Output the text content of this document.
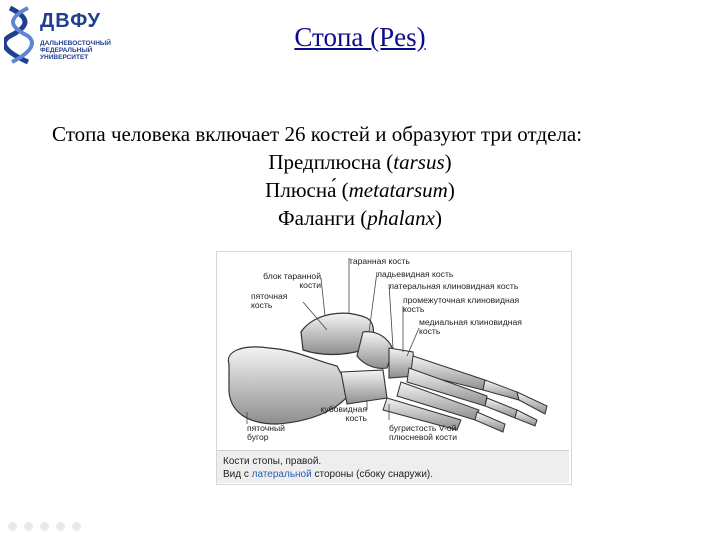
ДВФУ
ДАЛЬНЕВОСТОЧНЫЙ
ФЕДЕРАЛЬНЫЙ
УНИВЕРСИТЕТ
Стопа (Pes)
Стопа человека включает 26 костей и образуют три отдела:
Предплюсна (tarsus)
Плюсна́ (metatarsum)
Фаланги (phalanx)
таранная кость
ладьевидная кость
латеральная клиновидная кость
промежуточная клиновидная
кость
медиальная клиновидная
кость
блок таранной
кости
пяточная
кость
кубовидная
кость
пяточный
бугор
бугристость V-ой
плюсневой кости
Кости стопы, правой.
Вид с латеральной стороны (сбоку снаружи).
